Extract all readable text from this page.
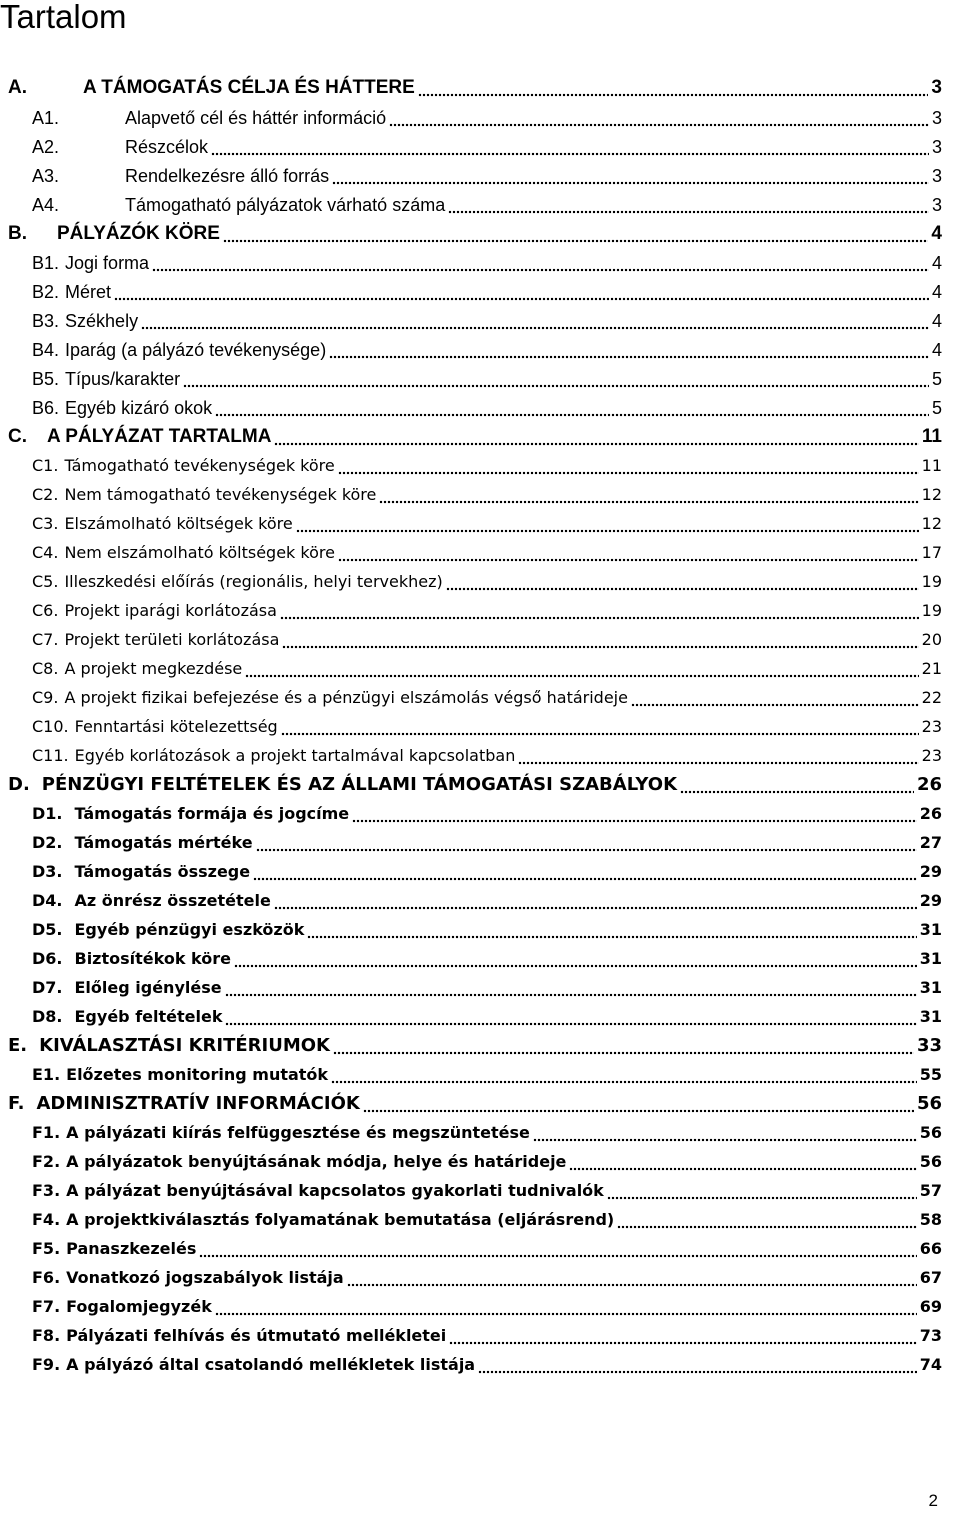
Tartalom
A.	A TÁMOGATÁS CÉLJA ÉS HÁTTERE	3
A1.	Alapvető cél és háttér információ	3
A2.	Részcélok	3
A3.	Rendelkezésre álló forrás	3
A4.	Támogatható pályázatok várható száma	3
B. PÁLYÁZÓK KÖRE	4
B1. Jogi forma	4
B2. Méret	4
B3. Székhely	4
B4. Iparág (a pályázó tevékenysége)	4
B5. Típus/karakter	5
B6. Egyéb kizáró okok	5
C. A PÁLYÁZAT TARTALMA	11
C1. Támogatható tevékenységek köre	11
C2. Nem támogatható tevékenységek köre	12
C3. Elszámolható költségek köre	12
C4. Nem elszámolható költségek köre	17
C5. Illeszkedési előírás (regionális, helyi tervekhez)	19
C6. Projekt iparági korlátozása	19
C7. Projekt területi korlátozása	20
C8. A projekt megkezdése	21
C9. A projekt fizikai befejezése és a pénzügyi elszámolás végső határideje	22
C10. Fenntartási kötelezettség	23
C11. Egyéb korlátozások a projekt tartalmával kapcsolatban	23
D. PÉNZÜGYI FELTÉTELEK ÉS AZ ÁLLAMI TÁMOGATÁSI SZABÁLYOK	26
D1. Támogatás formája és jogcíme	26
D2. Támogatás mértéke	27
D3. Támogatás összege	29
D4. Az önrész összetétele	29
D5. Egyéb pénzügyi eszközök	31
D6. Biztosítékok köre	31
D7. Előleg igénylése	31
D8. Egyéb feltételek	31
E. KIVÁLASZTÁSI KRITÉRIUMOK	33
E1. Előzetes monitoring mutatók	55
F. ADMINISZTRATÍV INFORMÁCIÓK	56
F1. A pályázati kiírás felfüggesztése és megszüntetése	56
F2. A pályázatok benyújtásának módja, helye és határideje	56
F3. A pályázat benyújtásával kapcsolatos gyakorlati tudnivalók	57
F4. A projektkiválasztás folyamatának bemutatása (eljárásrend)	58
F5. Panaszkezelés	66
F6. Vonatkozó jogszabályok listája	67
F7. Fogalomjegyzék	69
F8. Pályázati felhívás és útmutató mellékletei	73
F9. A pályázó által csatolandó mellékletek listája	74
2
